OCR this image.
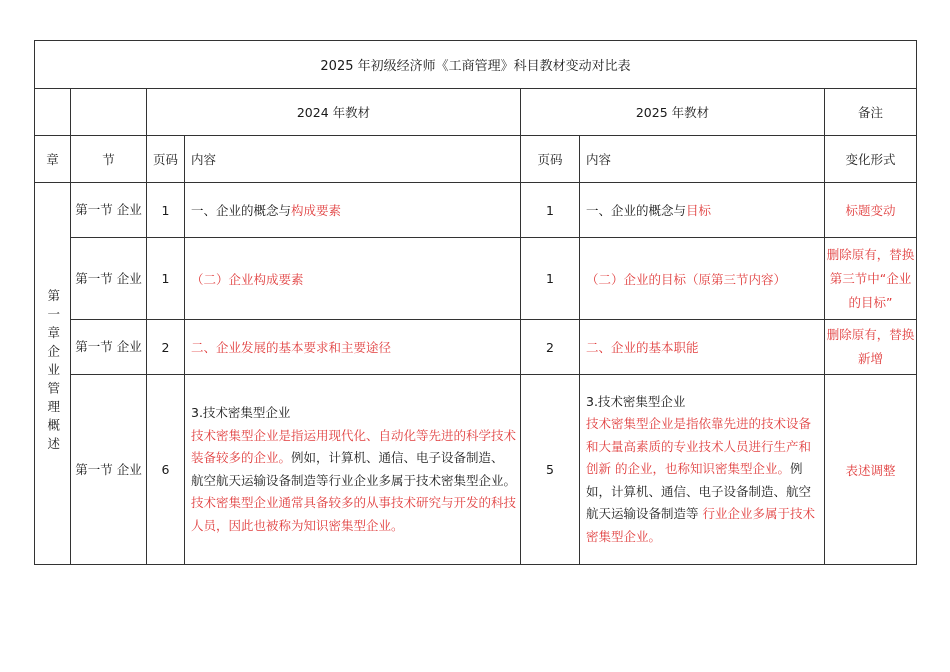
2025 年初级经济师《工商管理》科目教材变动对比表						
		2024 年教材		2025 年教材		备注
章	节	页码	内容	页码	内容	变化形式
第一章企业管理概述	第一节 企业	1	一、企业的概念与构成要素	1	一、企业的概念与目标	标题变动
	第一节 企业	1	（二）企业构成要素	1	（二）企业的目标（原第三节内容）	删除原有，替换第三节中“企业的目标”
	第一节 企业	2	二、企业发展的基本要求和主要途径	2	二、企业的基本职能	删除原有，替换新增
	第一节 企业	6	3.技术密集型企业
技术密集型企业是指运用现代化、自动化等先进的科学技术装备较多的企业。例如，计算机、通信、电子设备制造、航空航天运输设备制造等行业企业多属于技术密集型企业。技术密集型企业通常具备较多的从事技术研究与开发的科技人员，因此也被称为知识密集型企业。	5	3.技术密集型企业
技术密集型企业是指依靠先进的技术设备和大量高素质的专业技术人员进行生产和创新 的企业，也称知识密集型企业。例如，计算机、通信、电子设备制造、航空航天运输设备制造等 行业企业多属于技术密集型企业。	表述调整
